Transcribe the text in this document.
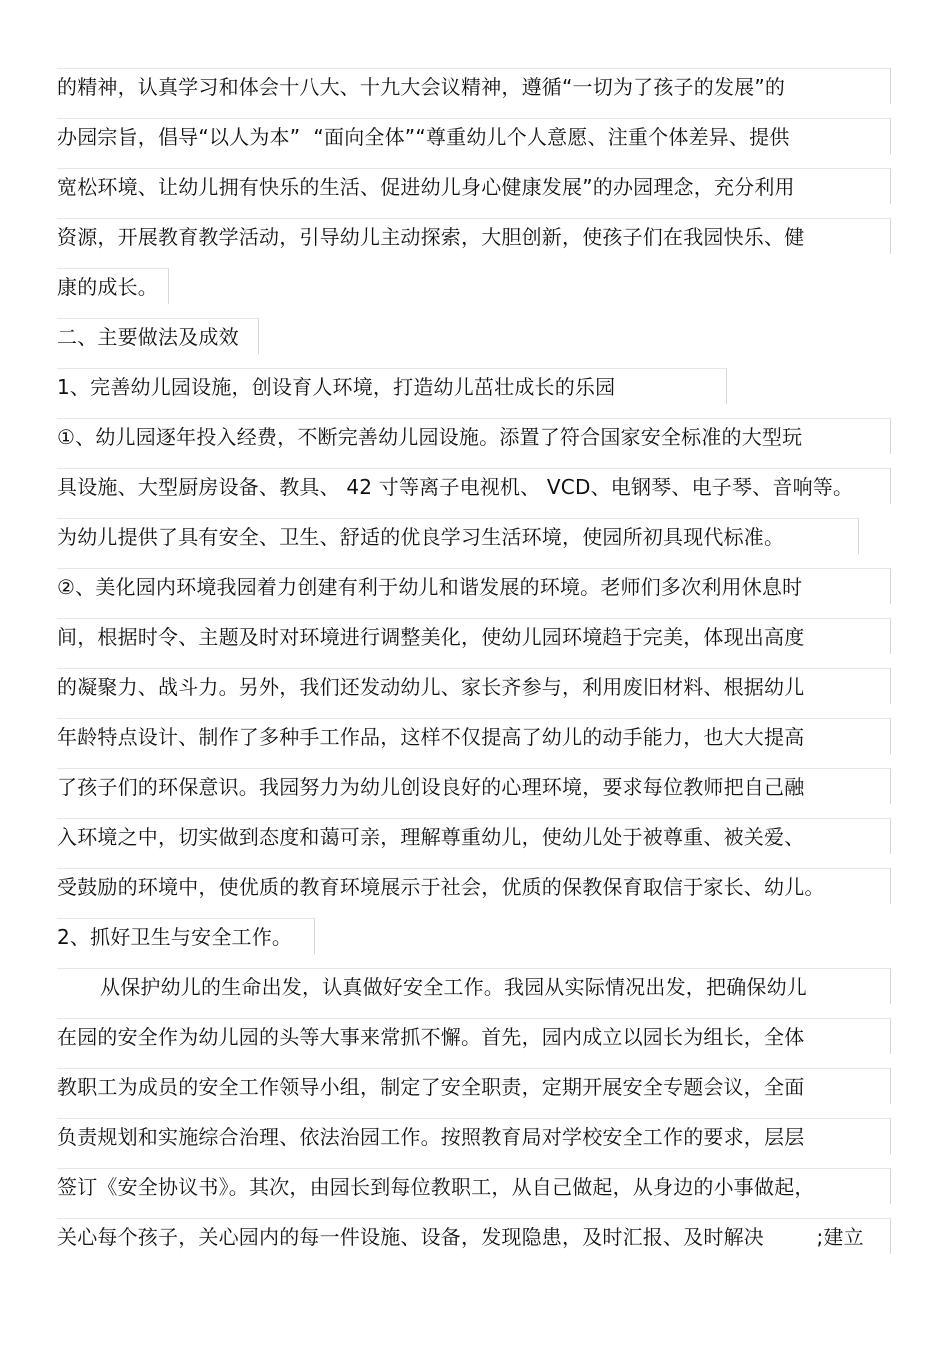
的精神，认真学习和体会十八大、十九大会议精神，遵循“一切为了孩子的发展”的
办园宗旨，倡导“以人为本”  “面向全体”“尊重幼儿个人意愿、注重个体差异、提供
宽松环境、让幼儿拥有快乐的生活、促进幼儿身心健康发展”的办园理念，充分利用
资源，开展教育教学活动，引导幼儿主动探索，大胆创新，使孩子们在我园快乐、健
康的成长。
二、主要做法及成效
1、完善幼儿园设施，创设育人环境，打造幼儿茁壮成长的乐园
①、幼儿园逐年投入经费，不断完善幼儿园设施。添置了符合国家安全标准的大型玩
具设施、大型厨房设备、教具、 42 寸等离子电视机、 VCD、电钢琴、电子琴、音响等。
为幼儿提供了具有安全、卫生、舒适的优良学习生活环境，使园所初具现代标准。
②、美化园内环境我园着力创建有利于幼儿和谐发展的环境。老师们多次利用休息时
间，根据时令、主题及时对环境进行调整美化，使幼儿园环境趋于完美，体现出高度
的凝聚力、战斗力。另外，我们还发动幼儿、家长齐参与，利用废旧材料、根据幼儿
年龄特点设计、制作了多种手工作品，这样不仅提高了幼儿的动手能力，也大大提高
了孩子们的环保意识。我园努力为幼儿创设良好的心理环境，要求每位教师把自己融
入环境之中，切实做到态度和蔼可亲，理解尊重幼儿，使幼儿处于被尊重、被关爱、
受鼓励的环境中，使优质的教育环境展示于社会，优质的保教保育取信于家长、幼儿。
2、抓好卫生与安全工作。
从保护幼儿的生命出发，认真做好安全工作。我园从实际情况出发，把确保幼儿
在园的安全作为幼儿园的头等大事来常抓不懈。首先，园内成立以园长为组长，全体
教职工为成员的安全工作领导小组，制定了安全职责，定期开展安全专题会议，全面
负责规划和实施综合治理、依法治园工作。按照教育局对学校安全工作的要求，层层
签订《安全协议书》。其次，由园长到每位教职工，从自己做起，从身边的小事做起，
关心每个孩子，关心园内的每一件设施、设备，发现隐患，及时汇报、及时解决        ;建立
